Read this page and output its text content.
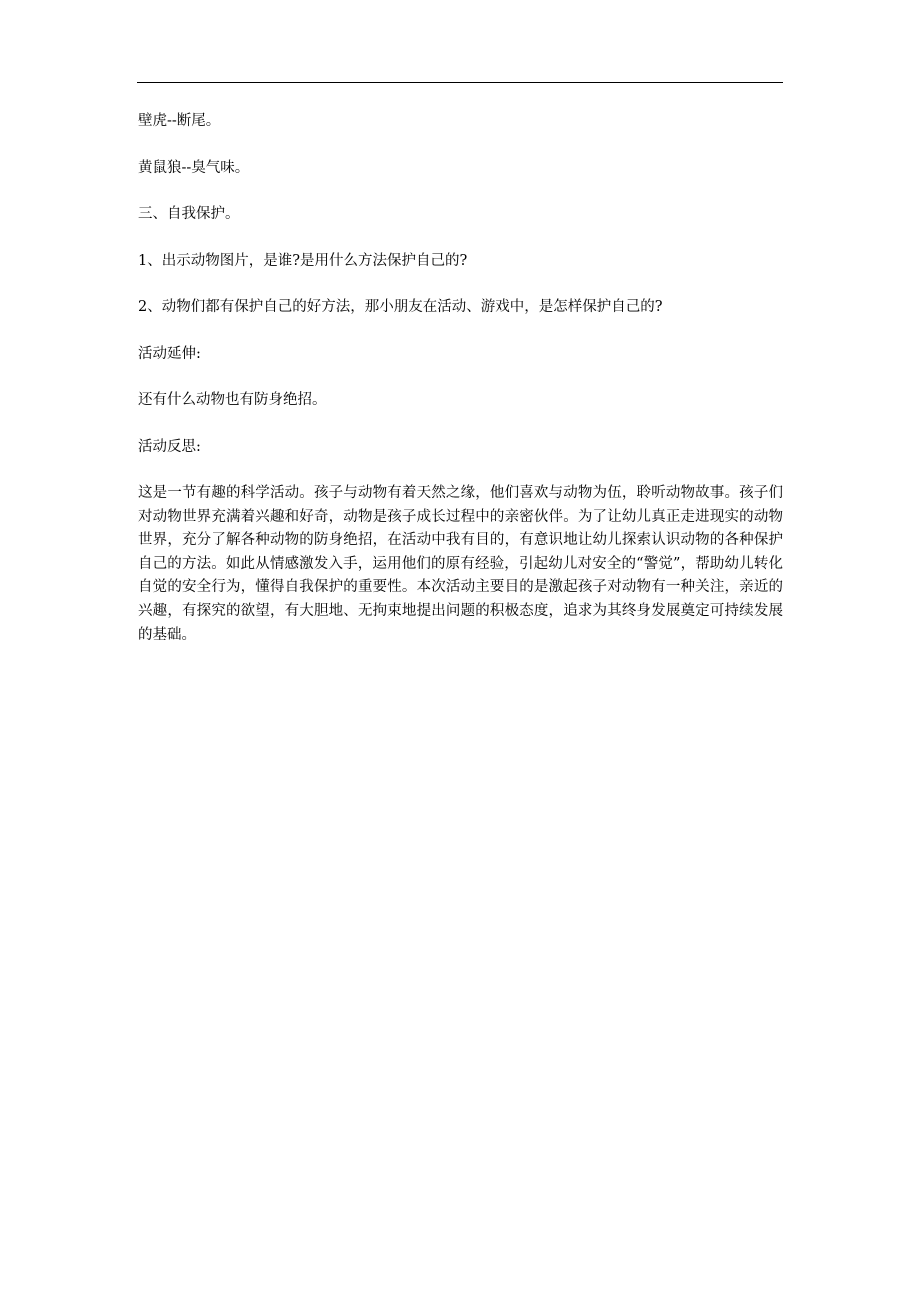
壁虎--断尾。

黄鼠狼--臭气味。

三、自我保护。

1、出示动物图片，是谁?是用什么方法保护自己的?

2、动物们都有保护自己的好方法，那小朋友在活动、游戏中，是怎样保护自己的?

活动延伸:

还有什么动物也有防身绝招。

活动反思:

这是一节有趣的科学活动。孩子与动物有着天然之缘，他们喜欢与动物为伍，聆听动物故事。孩子们对动物世界充满着兴趣和好奇，动物是孩子成长过程中的亲密伙伴。为了让幼儿真正走进现实的动物世界，充分了解各种动物的防身绝招，在活动中我有目的，有意识地让幼儿探索认识动物的各种保护自己的方法。如此从情感激发入手，运用他们的原有经验，引起幼儿对安全的“警觉”，帮助幼儿转化自觉的安全行为，懂得自我保护的重要性。本次活动主要目的是激起孩子对动物有一种关注，亲近的兴趣，有探究的欲望，有大胆地、无拘束地提出问题的积极态度，追求为其终身发展奠定可持续发展的基础。
